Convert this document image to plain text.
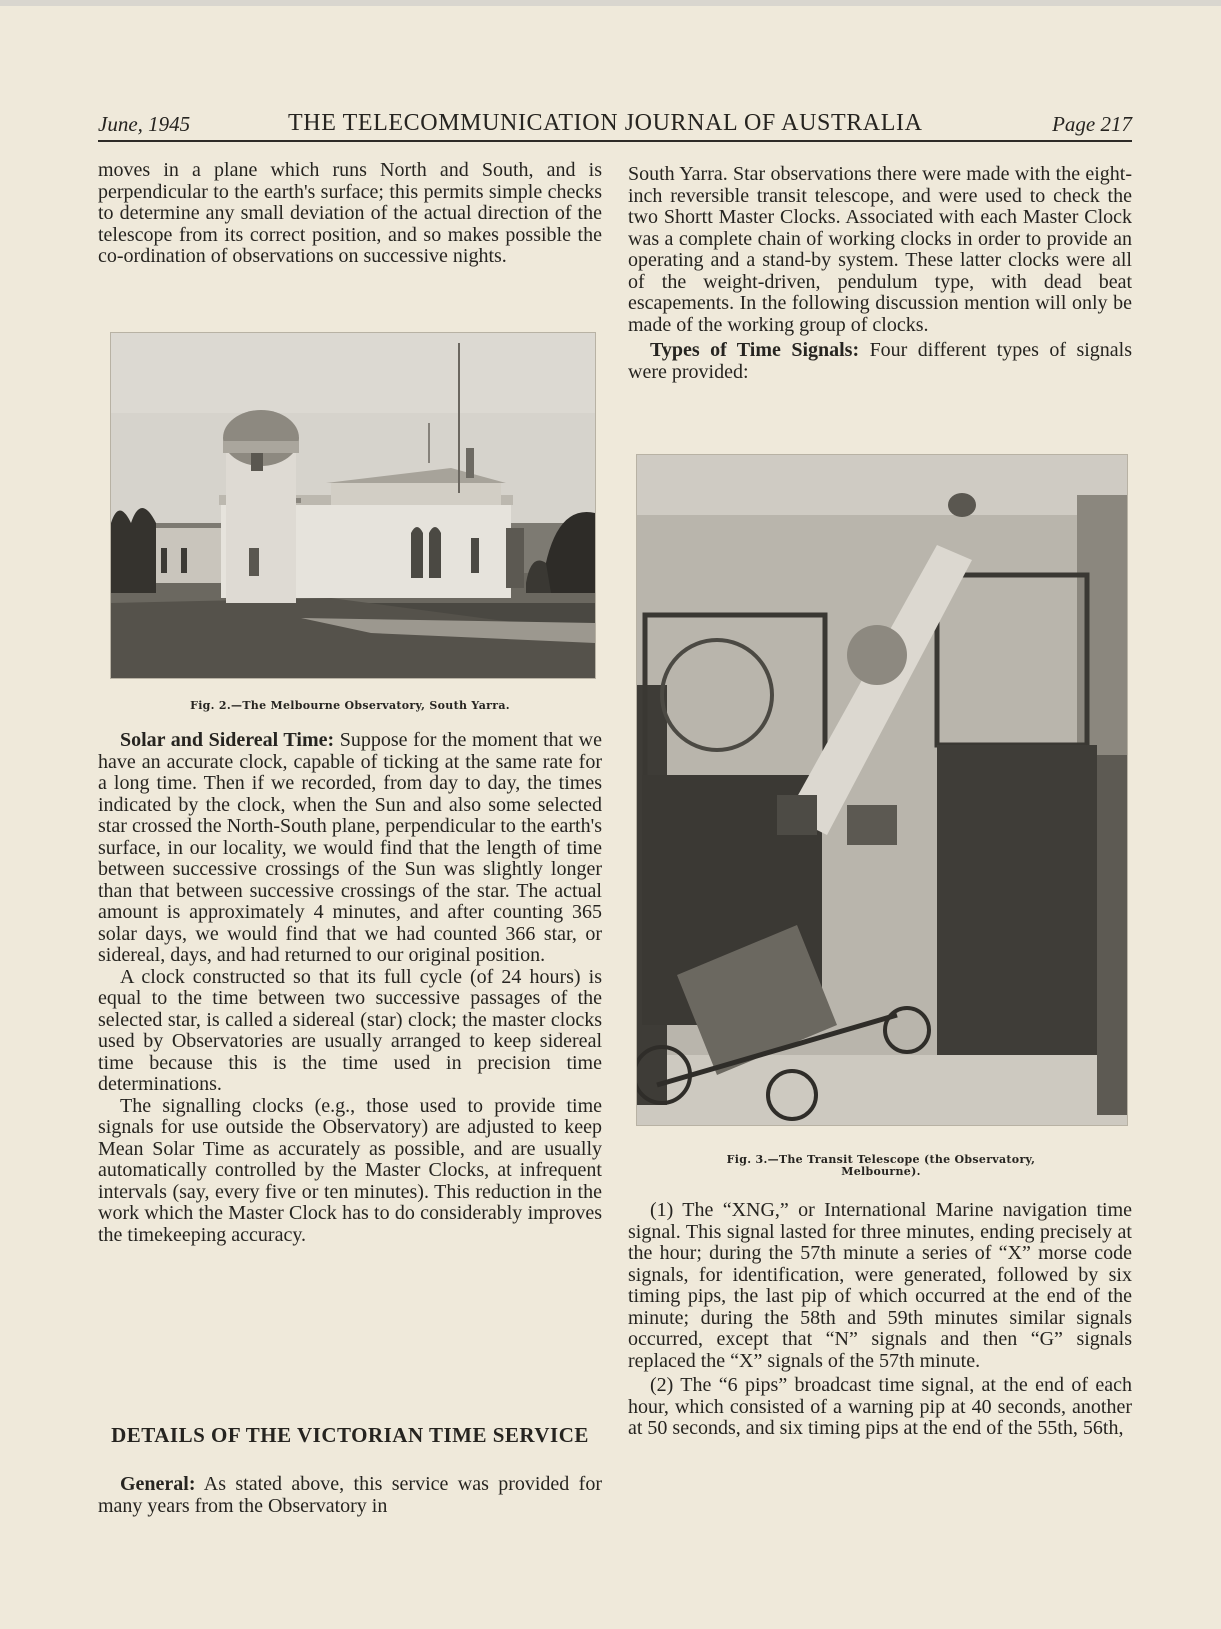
June, 1945	THE TELECOMMUNICATION JOURNAL OF AUSTRALIA	Page 217

moves in a plane which runs North and South, and is perpendicular to the earth's surface; this permits simple checks to determine any small deviation of the actual direction of the telescope from its correct position, and so makes possible the co-ordination of observations on successive nights.

Fig. 2.—The Melbourne Observatory, South Yarra.

Solar and Sidereal Time: Suppose for the moment that we have an accurate clock, capable of ticking at the same rate for a long time. Then if we recorded, from day to day, the times indicated by the clock, when the Sun and also some selected star crossed the North-South plane, perpendicular to the earth's surface, in our locality, we would find that the length of time between successive crossings of the Sun was slightly longer than that between successive crossings of the star. The actual amount is approximately 4 minutes, and after counting 365 solar days, we would find that we had counted 366 star, or sidereal, days, and had returned to our original position.

A clock constructed so that its full cycle (of 24 hours) is equal to the time between two successive passages of the selected star, is called a sidereal (star) clock; the master clocks used by Observatories are usually arranged to keep sidereal time because this is the time used in precision time determinations.

The signalling clocks (e.g., those used to provide time signals for use outside the Observatory) are adjusted to keep Mean Solar Time as accurately as possible, and are usually automatically controlled by the Master Clocks, at infrequent intervals (say, every five or ten minutes). This reduction in the work which the Master Clock has to do considerably improves the timekeeping accuracy.

DETAILS OF THE VICTORIAN TIME SERVICE

General: As stated above, this service was provided for many years from the Observatory in

South Yarra. Star observations there were made with the eight-inch reversible transit telescope, and were used to check the two Shortt Master Clocks. Associated with each Master Clock was a complete chain of working clocks in order to provide an operating and a stand-by system. These latter clocks were all of the weight-driven, pendulum type, with dead beat escapements. In the following discussion mention will only be made of the working group of clocks.

Types of Time Signals: Four different types of signals were provided:

Fig. 3.—The Transit Telescope (the Observatory,
Melbourne).

(1) The “XNG,” or International Marine navigation time signal. This signal lasted for three minutes, ending precisely at the hour; during the 57th minute a series of “X” morse code signals, for identification, were generated, followed by six timing pips, the last pip of which occurred at the end of the minute; during the 58th and 59th minutes similar signals occurred, except that “N” signals and then “G” signals replaced the “X” signals of the 57th minute.

(2) The “6 pips” broadcast time signal, at the end of each hour, which consisted of a warning pip at 40 seconds, another at 50 seconds, and six timing pips at the end of the 55th, 56th,
